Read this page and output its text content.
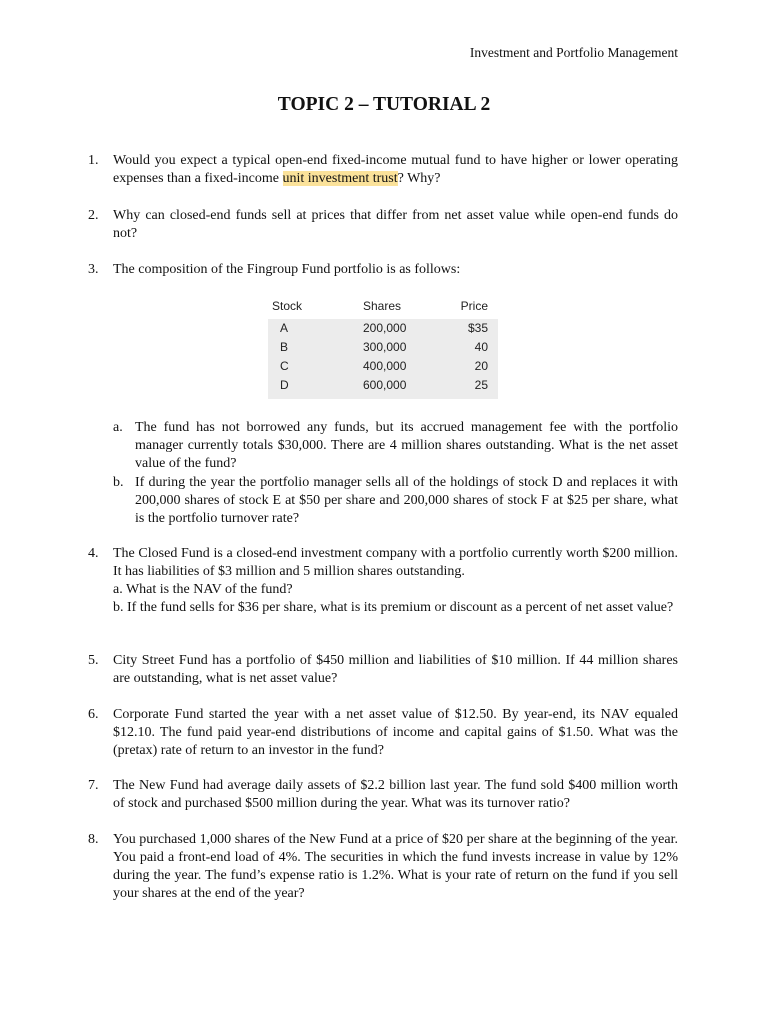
Investment and Portfolio Management
TOPIC 2 – TUTORIAL 2
1. Would you expect a typical open-end fixed-income mutual fund to have higher or lower operating expenses than a fixed-income unit investment trust? Why?
2. Why can closed-end funds sell at prices that differ from net asset value while open-end funds do not?
3. The composition of the Fingroup Fund portfolio is as follows:
Stock	Shares	Price
A	200,000	$35
B	300,000	40
C	400,000	20
D	600,000	25
a. The fund has not borrowed any funds, but its accrued management fee with the portfolio manager currently totals $30,000. There are 4 million shares outstanding. What is the net asset value of the fund?
b. If during the year the portfolio manager sells all of the holdings of stock D and replaces it with 200,000 shares of stock E at $50 per share and 200,000 shares of stock F at $25 per share, what is the portfolio turnover rate?
4. The Closed Fund is a closed-end investment company with a portfolio currently worth $200 million. It has liabilities of $3 million and 5 million shares outstanding.
a. What is the NAV of the fund?
b. If the fund sells for $36 per share, what is its premium or discount as a percent of net asset value?
5. City Street Fund has a portfolio of $450 million and liabilities of $10 million. If 44 million shares are outstanding, what is net asset value?
6. Corporate Fund started the year with a net asset value of $12.50. By year-end, its NAV equaled $12.10. The fund paid year-end distributions of income and capital gains of $1.50. What was the (pretax) rate of return to an investor in the fund?
7. The New Fund had average daily assets of $2.2 billion last year. The fund sold $400 million worth of stock and purchased $500 million during the year. What was its turnover ratio?
8. You purchased 1,000 shares of the New Fund at a price of $20 per share at the beginning of the year. You paid a front-end load of 4%. The securities in which the fund invests increase in value by 12% during the year. The fund’s expense ratio is 1.2%. What is your rate of return on the fund if you sell your shares at the end of the year?
